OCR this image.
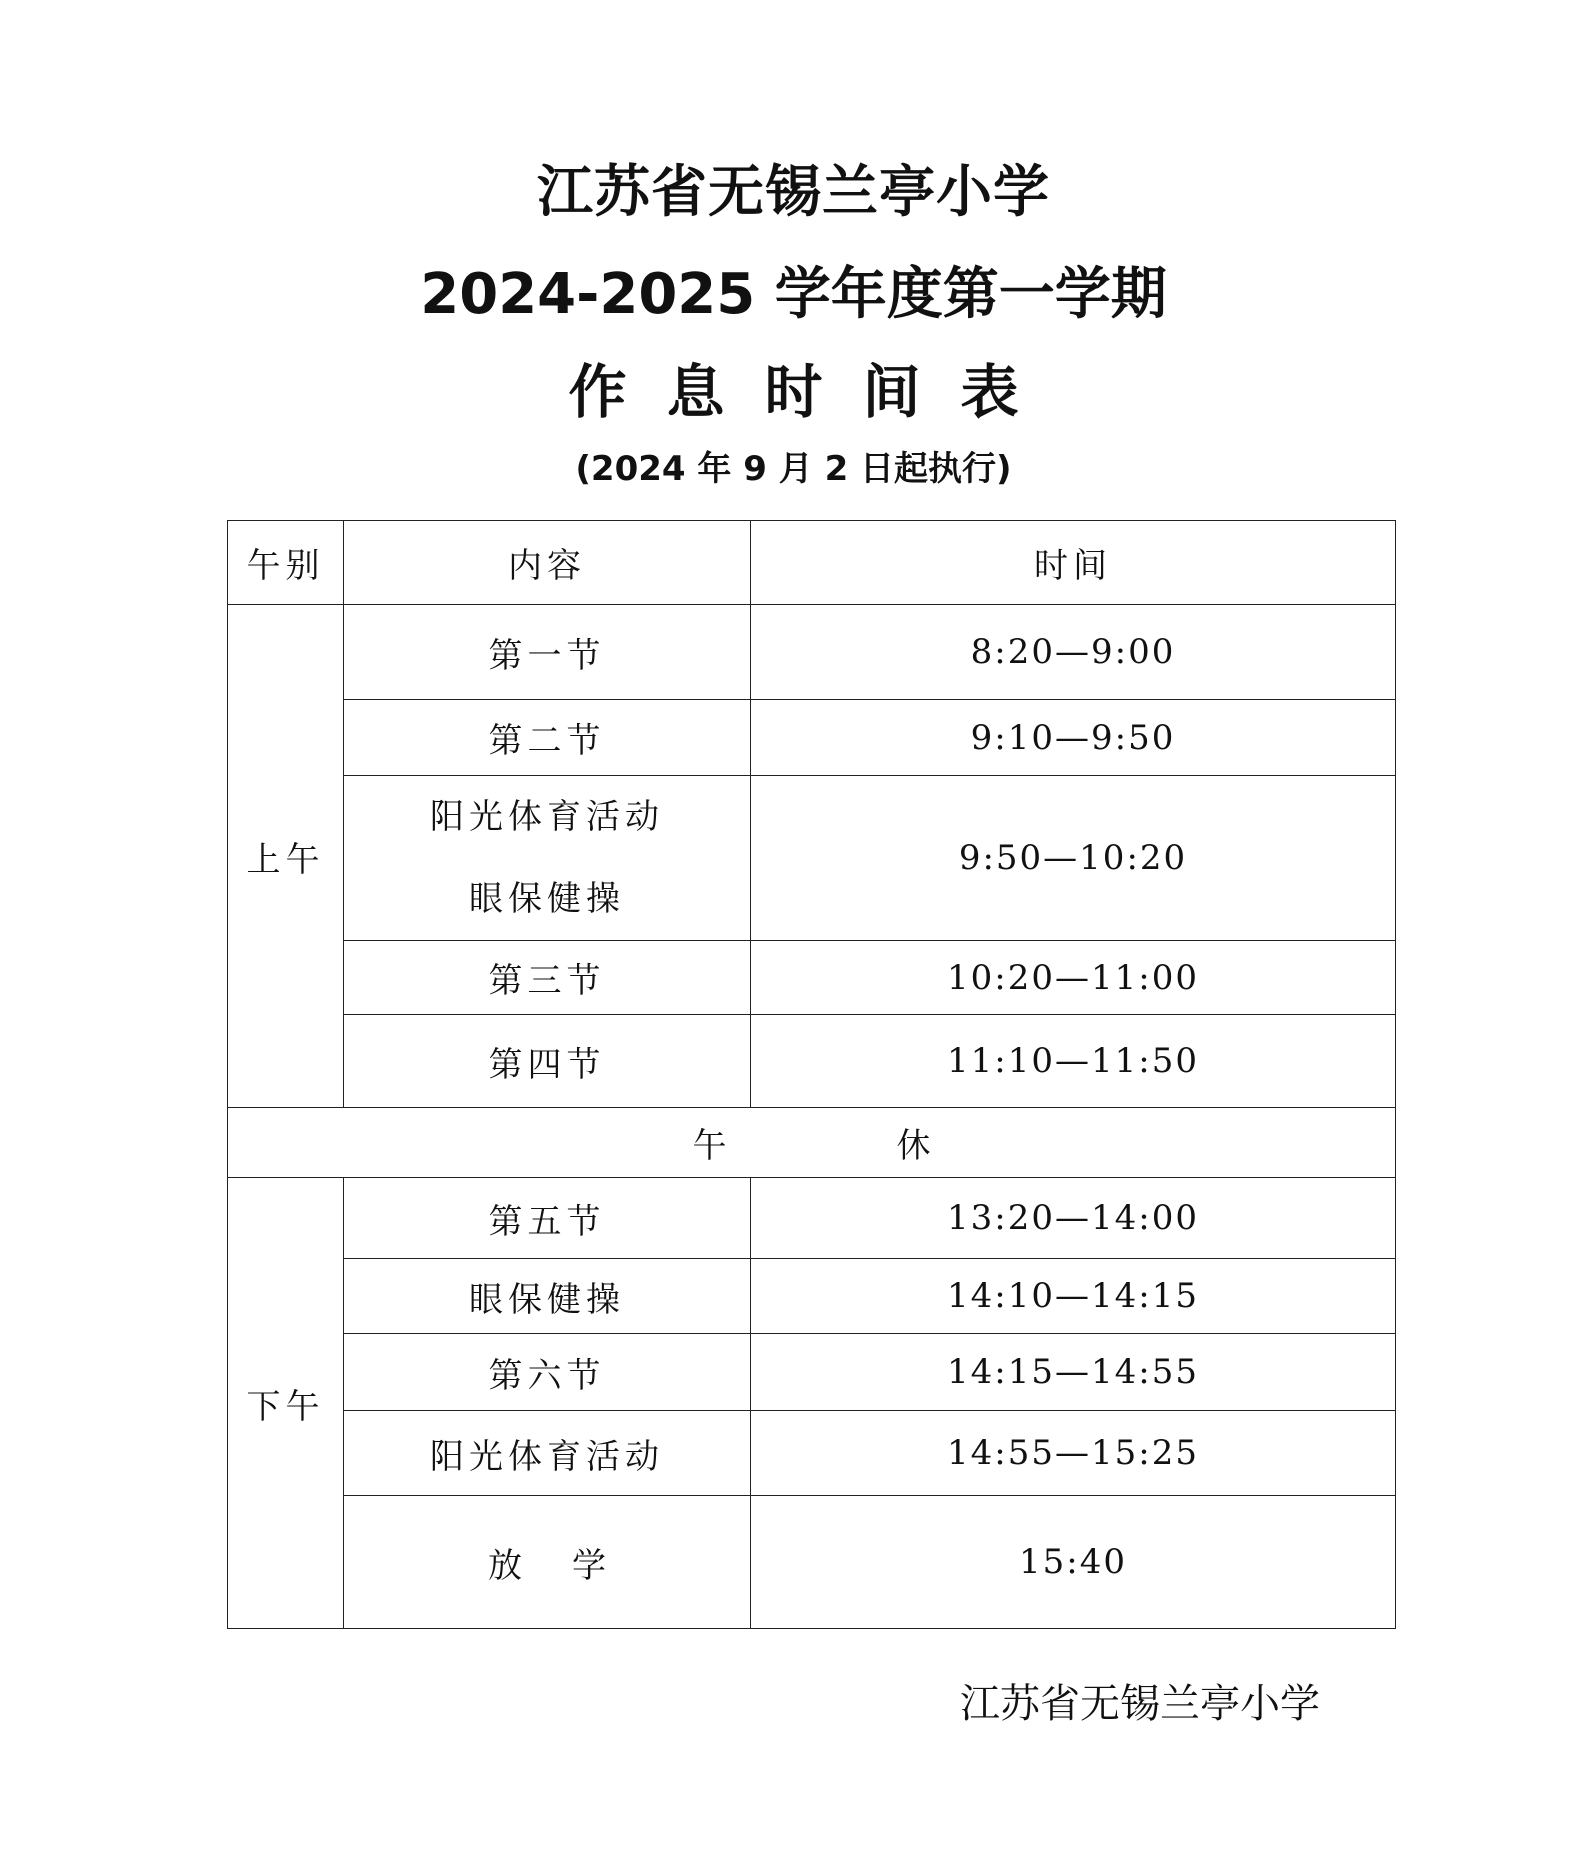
江苏省无锡兰亭小学
2024-2025 学年度第一学期
作息时间表
(2024 年 9 月 2 日起执行)
午别	内容	时间
上午	第一节	8:20—9:00
	第二节	9:10—9:50

	阳光体育活动
眼保健操	9:50—10:20
	第三节	10:20—11:00
	第四节	11:10—11:50
午休		
下午	第五节	13:20—14:00
	眼保健操	14:10—14:15
	第六节	14:15—14:55
	阳光体育活动	14:55—15:25
	放学	15:40
江苏省无锡兰亭小学
